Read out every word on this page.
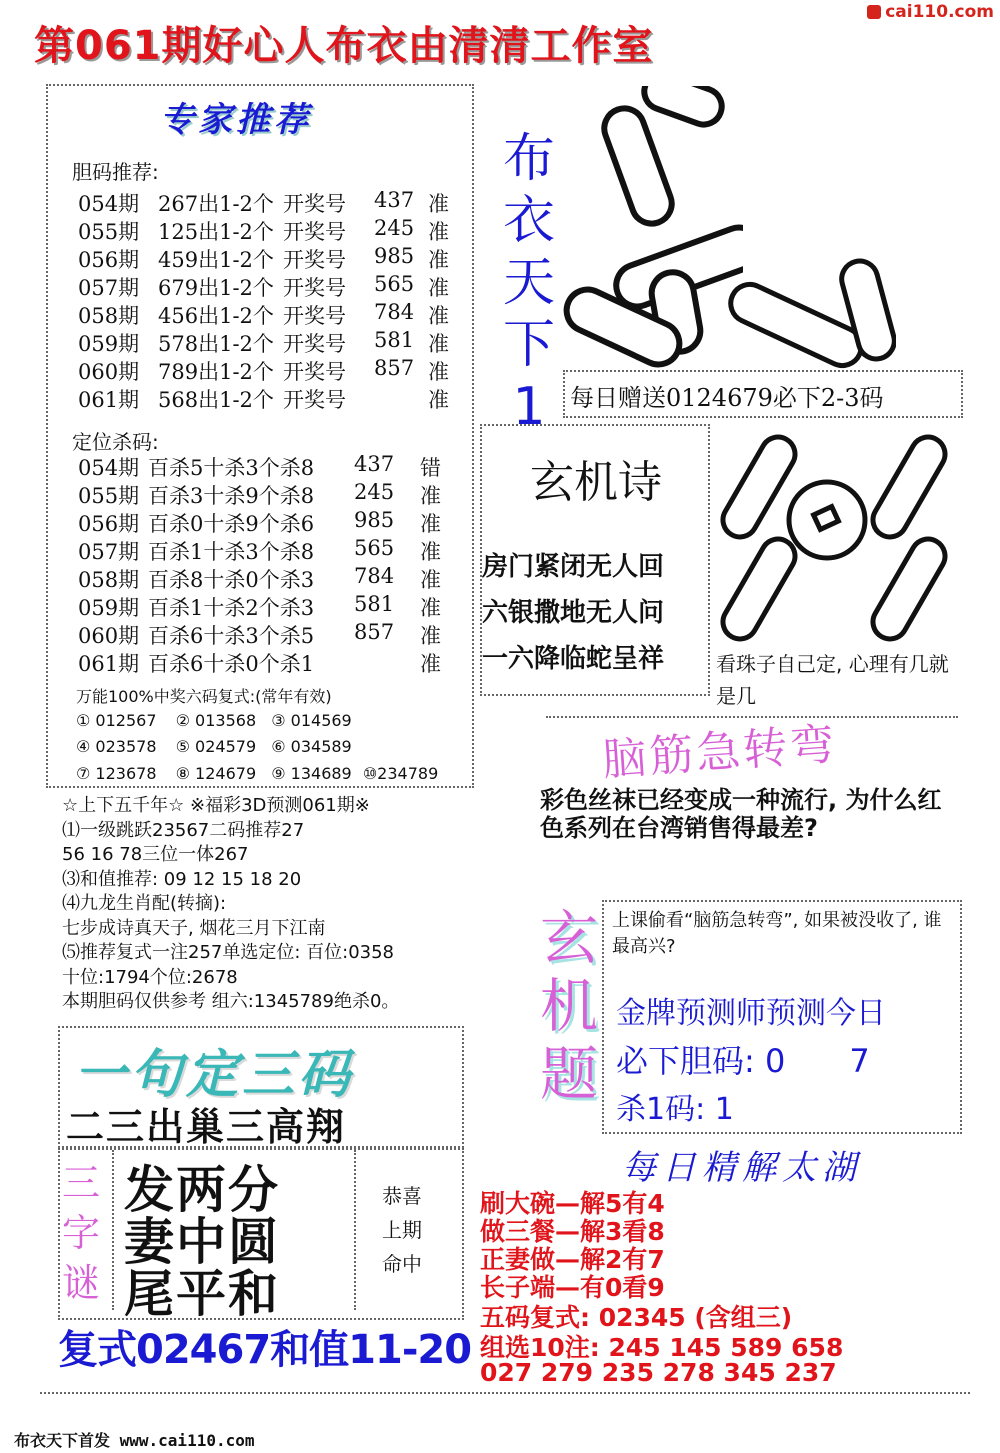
第061期好心人布衣由清清工作室
cai110.com
专家推荐
胆码推荐:
054期 267出1-2个 开奖号 437 准
055期 125出1-2个 开奖号 245 准
056期 459出1-2个 开奖号 985 准
057期 679出1-2个 开奖号 565 准
058期 456出1-2个 开奖号 784 准
059期 578出1-2个 开奖号 581 准
060期 789出1-2个 开奖号 857 准
061期 568出1-2个 开奖号	准
定位杀码:
054期 百杀5十杀3个杀8 437 错
055期 百杀3十杀9个杀8 245 准
056期 百杀0十杀9个杀6 985 准
057期 百杀1十杀3个杀8 565 准
058期 百杀8十杀0个杀3 784 准
059期 百杀1十杀2个杀3 581 准
060期 百杀6十杀3个杀5 857 准
061期 百杀6十杀0个杀1	准
万能100%中奖六码复式:(常年有效)
① 012567 ② 013568 ③ 014569
④ 023578 ⑤ 024579 ⑥ 034589
⑦ 123678 ⑧ 124679 ⑨ 134689 ⑩234789
☆上下五千年☆ ※福彩3D预测061期※
⑴一级跳跃23567二码推荐27
56 16 78三位一体267
⑶和值推荐: 09 12 15 18 20
⑷九龙生肖配(转摘):
七步成诗真天子, 烟花三月下江南
⑸推荐复式一注257单选定位: 百位:0358
十位:1794个位:2678
本期胆码仅供参考 组六:1345789绝杀0。
一句定三码
二三出巢三高翔
三
字
谜
发两分
妻中圆
尾平和
恭喜
上期
命中
复式02467和值11-20
布
衣
天
下
1	每日赠送0124679必下2-3码
玄机诗
房门紧闭无人回
六银撒地无人问
一六降临蛇呈祥	看珠子自己定, 心理有几就是几
脑筋急转弯
彩色丝袜已经变成一种流行, 为什么红色系列在台湾销售得最差?
玄
机
题
上课偷看“脑筋急转弯”, 如果被没收了, 谁最高兴?
金牌预测师预测今日
必下胆码: 0　　7
杀1码: 1
每日精解太湖
刷大碗—解5有4
做三餐—解3看8
正妻做—解2有7
长子端—有0看9
五码复式: 02345 (含组三)
组选10注: 245 145 589 658
027 279 235 278 345 237
布衣天下首发 www.cai110.com
